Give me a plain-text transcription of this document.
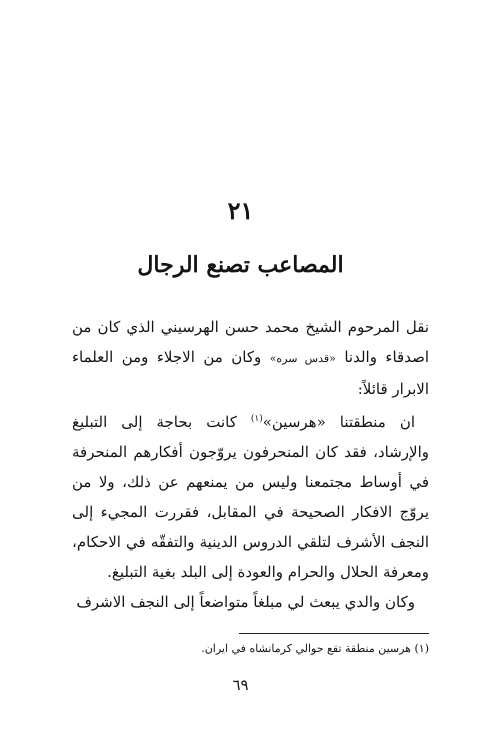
٢١
المصاعب تصنع الرجال

نقل المرحوم الشيخ محمد حسن الهرسيني الذي كان من اصدقاء والدنا «قدس سره» وكان من الاجلاء ومن العلماء الابرار قائلاً:

ان منطقتنا «هرسين»$^{(١)}$ كانت بحاجة إلى التبليغ والإرشاد، فقد كان المنحرفون يروّجون أفكارهم المنحرفة في أوساط مجتمعنا وليس من يمنعهم عن ذلك، ولا من يروّج الافكار الصحيحة في المقابل، فقررت المجيء إلى النجف الأشرف لتلقي الدروس الدينية والتفقّه في الاحكام، ومعرفة الحلال والحرام والعودة إلى البلد بغية التبليغ.

وكان والدي يبعث لي مبلغاً متواضعاً إلى النجف الاشرف

(١) هرسين منطقة تقع حوالي كرمانشاه في ايران.
٦٩
